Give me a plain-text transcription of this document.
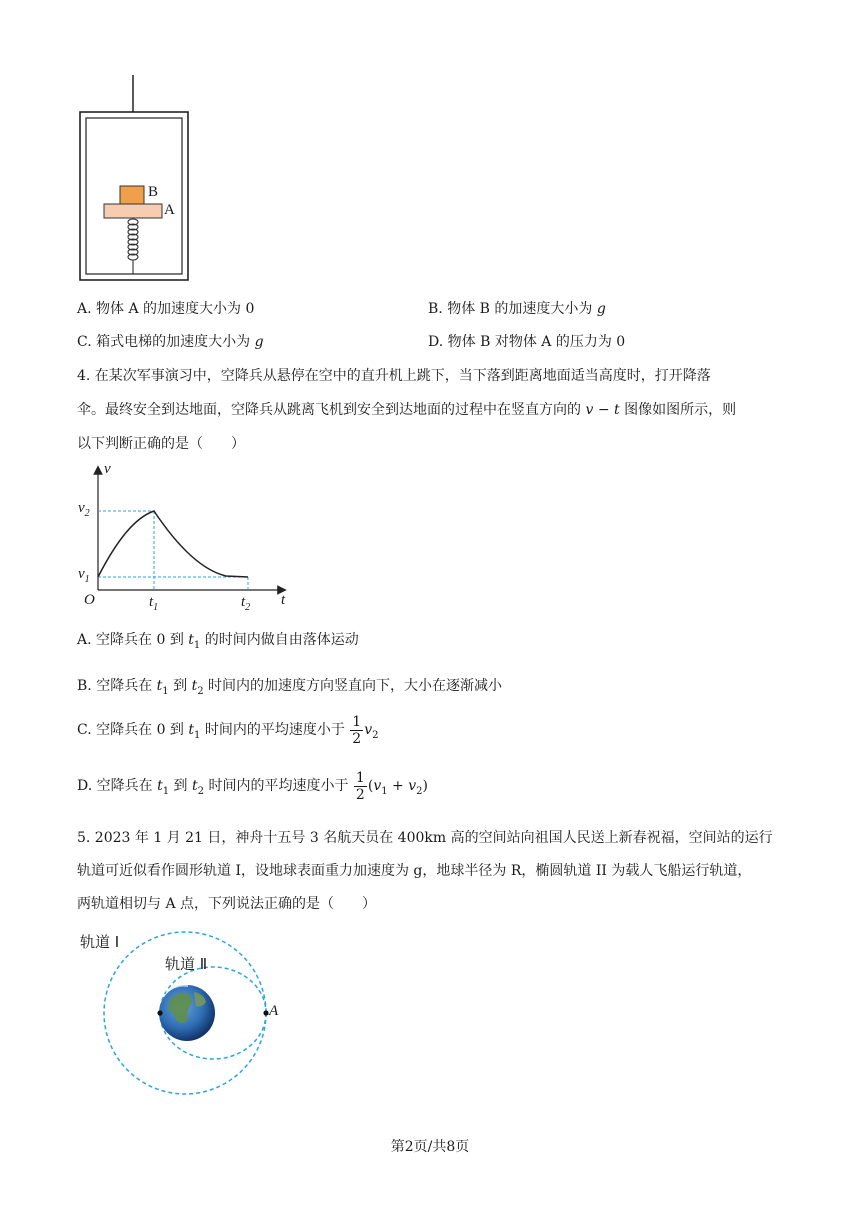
B
A
A. 物体 A 的加速度大小为 0	B. 物体 B 的加速度大小为 g
C. 箱式电梯的加速度大小为 g	D. 物体 B 对物体 A 的压力为 0
4. 在某次军事演习中，空降兵从悬停在空中的直升机上跳下，当下落到距离地面适当高度时，打开降落
伞。最终安全到达地面，空降兵从跳离飞机到安全到达地面的过程中在竖直方向的 v − t 图像如图所示，则
以下判断正确的是（　　）
v
t
O
$v_2$
$v_1$
$t_1$	$t_2$
A. 空降兵在 0 到 $t_1$ 的时间内做自由落体运动
B. 空降兵在 $t_1$ 到 $t_2$ 时间内的加速度方向竖直向下，大小在逐渐减小
C. 空降兵在 0 到 $t_1$ 时间内的平均速度小于 $\frac{1}{2} v_2$
D. 空降兵在 $t_1$ 到 $t_2$ 时间内的平均速度小于 $\frac{1}{2} (v_1 + v_2)$
5. 2023 年 1 月 21 日，神舟十五号 3 名航天员在 400km 高的空间站向祖国人民送上新春祝福，空间站的运行
轨道可近似看作圆形轨道 I，设地球表面重力加速度为 g，地球半径为 R，椭圆轨道 II 为载人飞船运行轨道，
两轨道相切与 A 点，下列说法正确的是（　　）
轨道 Ⅰ
轨道 Ⅱ
A
第2页/共8页
